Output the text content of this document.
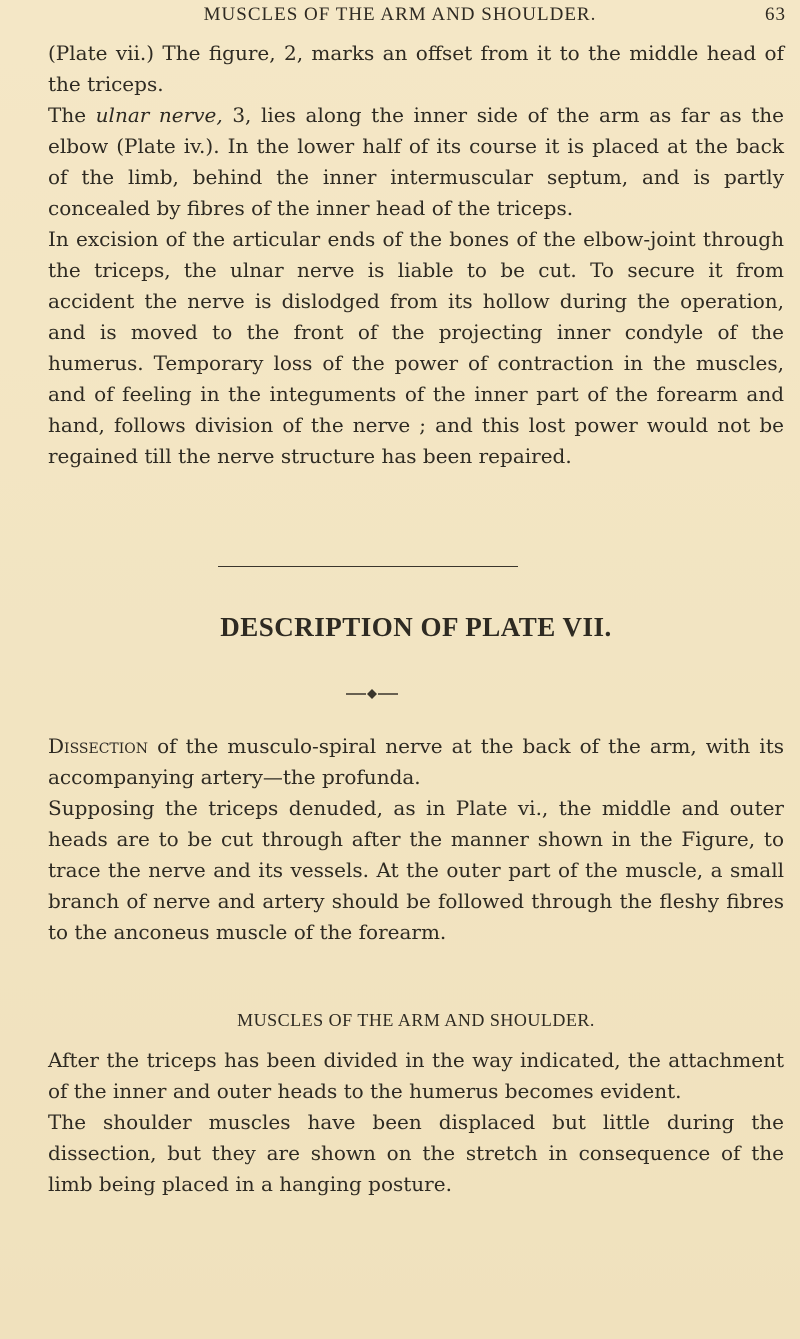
MUSCLES OF THE ARM AND SHOULDER.	63

(Plate vii.) The figure, 2, marks an offset from it to the middle head of the triceps.

The ulnar nerve, 3, lies along the inner side of the arm as far as the elbow (Plate iv.). In the lower half of its course it is placed at the back of the limb, behind the inner intermuscular septum, and is partly concealed by fibres of the inner head of the triceps.

In excision of the articular ends of the bones of the elbow-joint through the triceps, the ulnar nerve is liable to be cut. To secure it from accident the nerve is dislodged from its hollow during the operation, and is moved to the front of the projecting inner condyle of the humerus. Temporary loss of the power of contraction in the muscles, and of feeling in the integuments of the inner part of the forearm and hand, follows division of the nerve ; and this lost power would not be regained till the nerve structure has been repaired.

DESCRIPTION OF PLATE VII.

Dissection of the musculo-spiral nerve at the back of the arm, with its accompanying artery—the profunda.

Supposing the triceps denuded, as in Plate vi., the middle and outer heads are to be cut through after the manner shown in the Figure, to trace the nerve and its vessels. At the outer part of the muscle, a small branch of nerve and artery should be followed through the fleshy fibres to the anconeus muscle of the forearm.

MUSCLES OF THE ARM AND SHOULDER.

After the triceps has been divided in the way indicated, the attachment of the inner and outer heads to the humerus becomes evident.

The shoulder muscles have been displaced but little during the dissection, but they are shown on the stretch in consequence of the limb being placed in a hanging posture.
